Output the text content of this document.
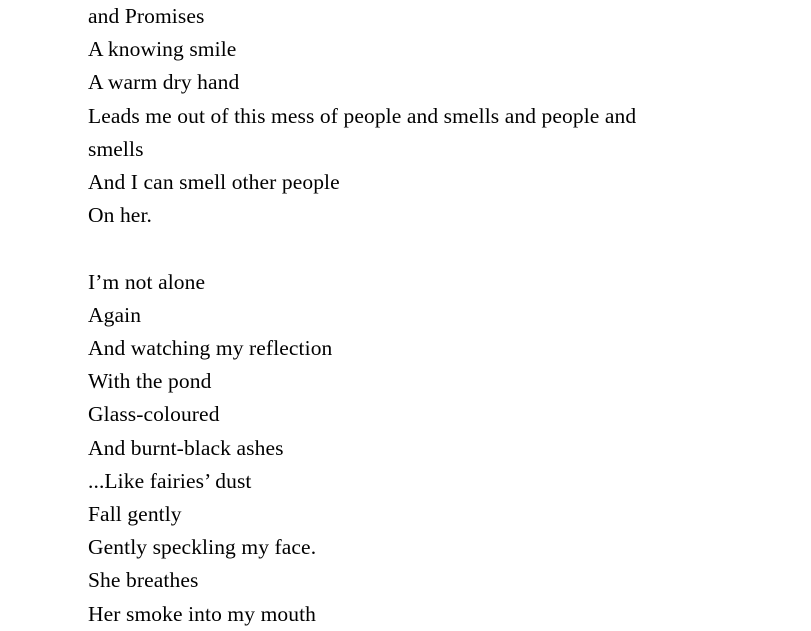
and Promises
A knowing smile
A warm dry hand
Leads me out of this mess of people and smells and people and
smells
And I can smell other people
On her.
I’m not alone
Again
And watching my reflection
With the pond
Glass-coloured
And burnt-black ashes
...Like fairies’ dust
Fall gently
Gently speckling my face.
She breathes
Her smoke into my mouth
